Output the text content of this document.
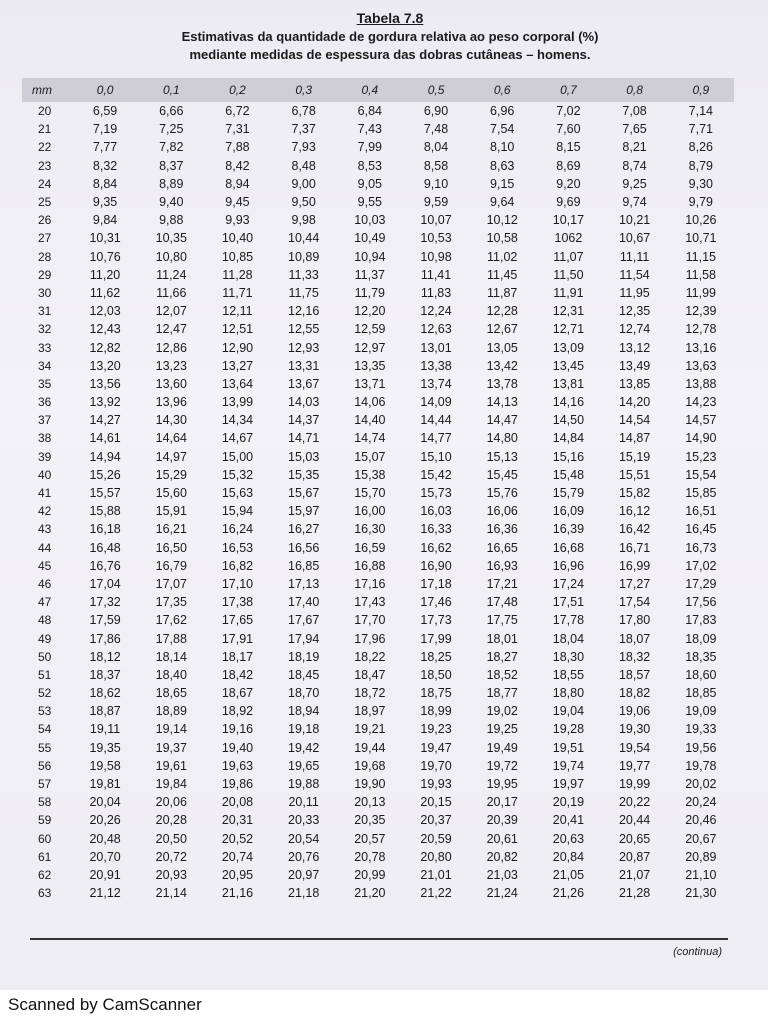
Tabela 7.8
Estimativas da quantidade de gordura relativa ao peso corporal (%)
mediante medidas de espessura das dobras cutâneas – homens.
mm	0,0	0,1	0,2	0,3	0,4	0,5	0,6	0,7	0,8	0,9
20	6,59	6,66	6,72	6,78	6,84	6,90	6,96	7,02	7,08	7,14
21	7,19	7,25	7,31	7,37	7,43	7,48	7,54	7,60	7,65	7,71
22	7,77	7,82	7,88	7,93	7,99	8,04	8,10	8,15	8,21	8,26
23	8,32	8,37	8,42	8,48	8,53	8,58	8,63	8,69	8,74	8,79
24	8,84	8,89	8,94	9,00	9,05	9,10	9,15	9,20	9,25	9,30
25	9,35	9,40	9,45	9,50	9,55	9,59	9,64	9,69	9,74	9,79
26	9,84	9,88	9,93	9,98	10,03	10,07	10,12	10,17	10,21	10,26
27	10,31	10,35	10,40	10,44	10,49	10,53	10,58	1062	10,67	10,71
28	10,76	10,80	10,85	10,89	10,94	10,98	11,02	11,07	11,11	11,15
29	11,20	11,24	11,28	11,33	11,37	11,41	11,45	11,50	11,54	11,58
30	11,62	11,66	11,71	11,75	11,79	11,83	11,87	11,91	11,95	11,99
31	12,03	12,07	12,11	12,16	12,20	12,24	12,28	12,31	12,35	12,39
32	12,43	12,47	12,51	12,55	12,59	12,63	12,67	12,71	12,74	12,78
33	12,82	12,86	12,90	12,93	12,97	13,01	13,05	13,09	13,12	13,16
34	13,20	13,23	13,27	13,31	13,35	13,38	13,42	13,45	13,49	13,63
35	13,56	13,60	13,64	13,67	13,71	13,74	13,78	13,81	13,85	13,88
36	13,92	13,96	13,99	14,03	14,06	14,09	14,13	14,16	14,20	14,23
37	14,27	14,30	14,34	14,37	14,40	14,44	14,47	14,50	14,54	14,57
38	14,61	14,64	14,67	14,71	14,74	14,77	14,80	14,84	14,87	14,90
39	14,94	14,97	15,00	15,03	15,07	15,10	15,13	15,16	15,19	15,23
40	15,26	15,29	15,32	15,35	15,38	15,42	15,45	15,48	15,51	15,54
41	15,57	15,60	15,63	15,67	15,70	15,73	15,76	15,79	15,82	15,85
42	15,88	15,91	15,94	15,97	16,00	16,03	16,06	16,09	16,12	16,51
43	16,18	16,21	16,24	16,27	16,30	16,33	16,36	16,39	16,42	16,45
44	16,48	16,50	16,53	16,56	16,59	16,62	16,65	16,68	16,71	16,73
45	16,76	16,79	16,82	16,85	16,88	16,90	16,93	16,96	16,99	17,02
46	17,04	17,07	17,10	17,13	17,16	17,18	17,21	17,24	17,27	17,29
47	17,32	17,35	17,38	17,40	17,43	17,46	17,48	17,51	17,54	17,56
48	17,59	17,62	17,65	17,67	17,70	17,73	17,75	17,78	17,80	17,83
49	17,86	17,88	17,91	17,94	17,96	17,99	18,01	18,04	18,07	18,09
50	18,12	18,14	18,17	18,19	18,22	18,25	18,27	18,30	18,32	18,35
51	18,37	18,40	18,42	18,45	18,47	18,50	18,52	18,55	18,57	18,60
52	18,62	18,65	18,67	18,70	18,72	18,75	18,77	18,80	18,82	18,85
53	18,87	18,89	18,92	18,94	18,97	18,99	19,02	19,04	19,06	19,09
54	19,11	19,14	19,16	19,18	19,21	19,23	19,25	19,28	19,30	19,33
55	19,35	19,37	19,40	19,42	19,44	19,47	19,49	19,51	19,54	19,56
56	19,58	19,61	19,63	19,65	19,68	19,70	19,72	19,74	19,77	19,78
57	19,81	19,84	19,86	19,88	19,90	19,93	19,95	19,97	19,99	20,02
58	20,04	20,06	20,08	20,11	20,13	20,15	20,17	20,19	20,22	20,24
59	20,26	20,28	20,31	20,33	20,35	20,37	20,39	20,41	20,44	20,46
60	20,48	20,50	20,52	20,54	20,57	20,59	20,61	20,63	20,65	20,67
61	20,70	20,72	20,74	20,76	20,78	20,80	20,82	20,84	20,87	20,89
62	20,91	20,93	20,95	20,97	20,99	21,01	21,03	21,05	21,07	21,10
63	21,12	21,14	21,16	21,18	21,20	21,22	21,24	21,26	21,28	21,30
(continua)
Scanned by CamScanner
